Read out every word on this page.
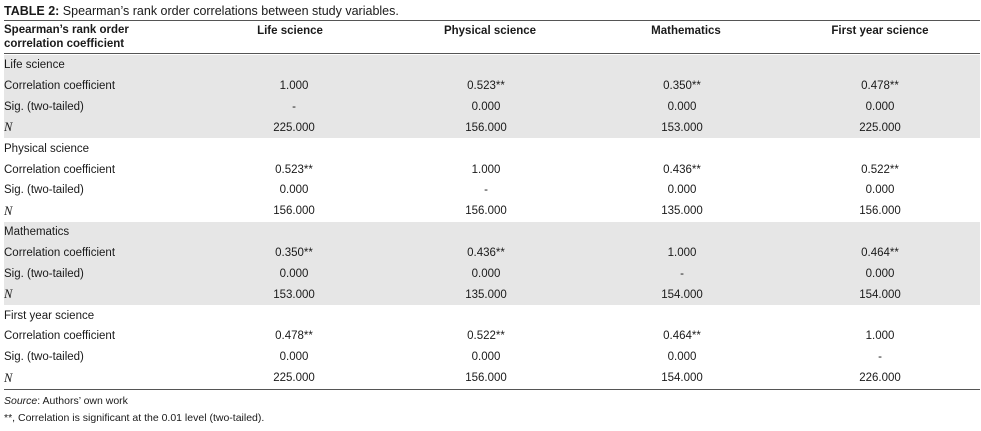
TABLE 2: Spearman’s rank order correlations between study variables.
Spearman’s rank order
correlation coefficient
Life science	Physical science	Mathematics	First year science
Life science				
Correlation coefficient	1.000	0.523**	0.350**	0.478**
Sig. (two-tailed)	-	0.000	0.000	0.000
N	225.000	156.000	153.000	225.000
Physical science				
Correlation coefficient	0.523**	1.000	0.436**	0.522**
Sig. (two-tailed)	0.000	-	0.000	0.000
N	156.000	156.000	135.000	156.000
Mathematics				
Correlation coefficient	0.350**	0.436**	1.000	0.464**
Sig. (two-tailed)	0.000	0.000	-	0.000
N	153.000	135.000	154.000	154.000
First year science				
Correlation coefficient	0.478**	0.522**	0.464**	1.000
Sig. (two-tailed)	0.000	0.000	0.000	-
N	225.000	156.000	154.000	226.000
Source: Authors’ own work
**, Correlation is significant at the 0.01 level (two-tailed).
